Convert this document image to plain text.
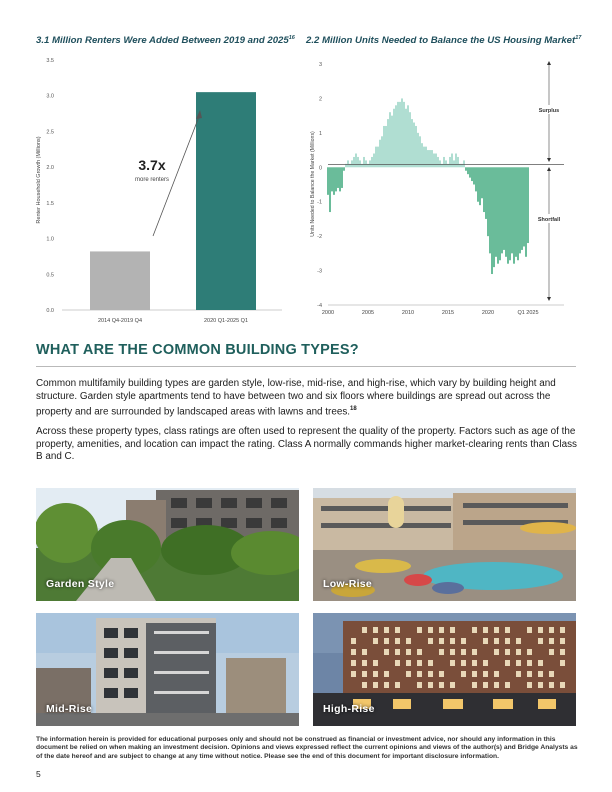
3.1 Million Renters Were Added Between 2019 and 2025$^{16}$ 2.2 Million Units Needed to Balance the US Housing Market$^{17}$
Renter Household Growth (Millions)
0.0
0.5
1.0
1.5
2.0
2.5
3.0
3.5
2014 Q4-2019 Q4	2020 Q1-2025 Q1
3.7x
more renters	Units Needed to Balance the Market (Millions)
3
2
1
0
-1
-2
-3
-4
2000	2005	2010	2015	2020	Q1 2025
Surplus
Shortfall
WHAT ARE THE COMMON BUILDING TYPES?

Common multifamily building types are garden style, low-rise, mid-rise, and high-rise, which vary by building height and structure. Garden style apartments tend to have between two and six floors where buildings are spread out across the property and are surrounded by landscaped areas with lawns and trees.$^{18}$

Across these property types, class ratings are often used to represent the quality of the property. Factors such as age of the property, amenities, and location can impact the rating. Class A normally commands higher market-clearing rents than Class B and C.

Garden Style	Low-Rise
Mid-Rise	High-Rise

The information herein is provided for educational purposes only and should not be construed as financial or investment advice, nor should any information in this document be relied on when making an investment decision. Opinions and views expressed reflect the current opinions and views of the author(s) and Bridge Analysts as of the date hereof and are subject to change at any time without notice. Please see the end of this document for important disclosure information.

5
